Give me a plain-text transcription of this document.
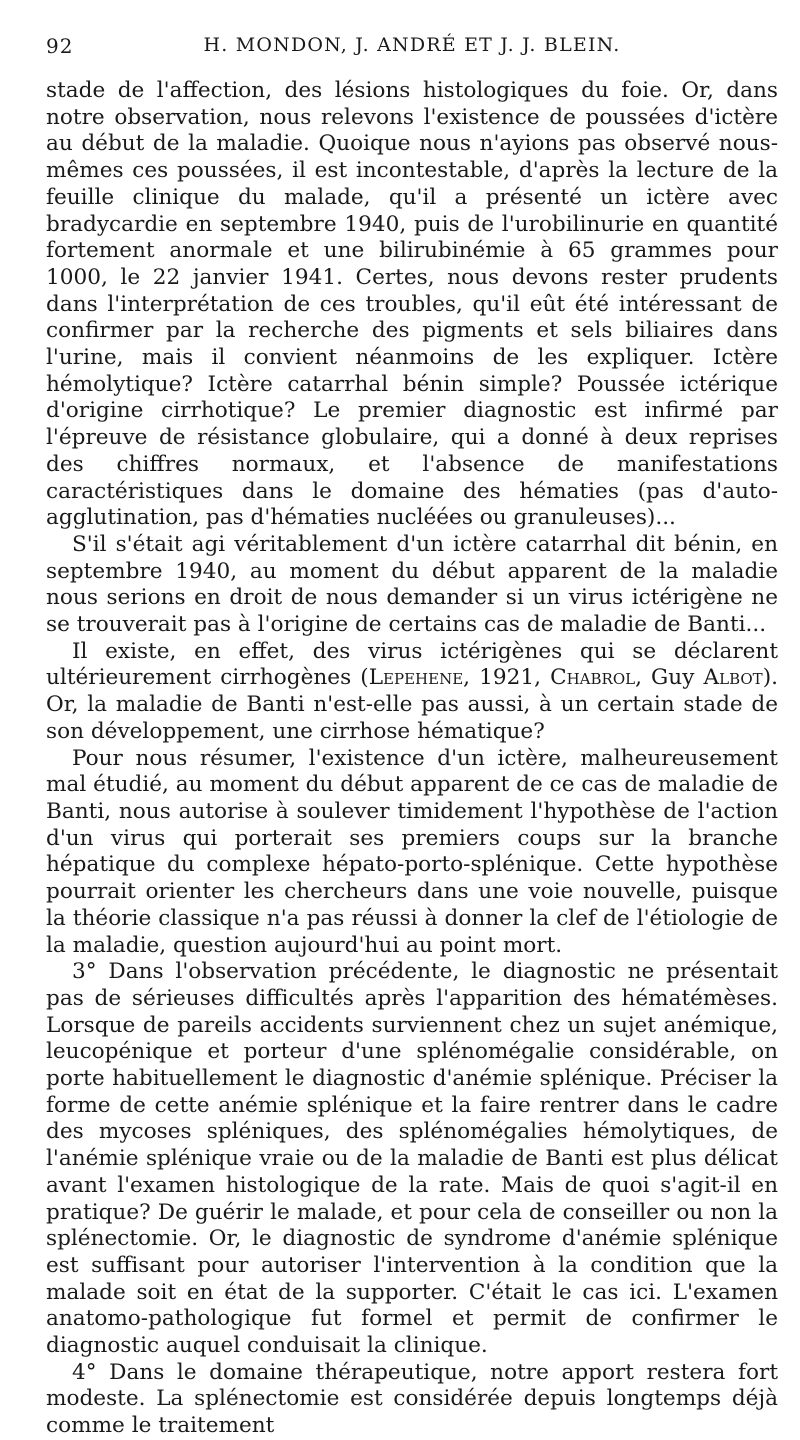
92	H. MONDON, J. ANDRÉ ET J. J. BLEIN.

stade de l'affection, des lésions histologiques du foie. Or, dans notre observation, nous relevons l'existence de poussées d'ictère au début de la maladie. Quoique nous n'ayions pas observé nous-mêmes ces poussées, il est incontestable, d'après la lecture de la feuille clinique du malade, qu'il a présenté un ictère avec bradycardie en septembre 1940, puis de l'urobilinurie en quantité fortement anormale et une bilirubinémie à 65 grammes pour 1000, le 22 janvier 1941. Certes, nous devons rester prudents dans l'interprétation de ces troubles, qu'il eût été intéressant de confirmer par la recherche des pigments et sels biliaires dans l'urine, mais il convient néanmoins de les expliquer. Ictère hémolytique? Ictère catarrhal bénin simple? Poussée ictérique d'origine cirrhotique? Le premier diagnostic est infirmé par l'épreuve de résistance globulaire, qui a donné à deux reprises des chiffres normaux, et l'absence de manifestations caractéristiques dans le domaine des hématies (pas d'auto-agglutination, pas d'hématies nucléées ou granuleuses)...

S'il s'était agi véritablement d'un ictère catarrhal dit bénin, en septembre 1940, au moment du début apparent de la maladie nous serions en droit de nous demander si un virus ictérigène ne se trouverait pas à l'origine de certains cas de maladie de Banti...

Il existe, en effet, des virus ictérigènes qui se déclarent ultérieurement cirrhogènes (Lepehene, 1921, Chabrol, Guy Albot). Or, la maladie de Banti n'est-elle pas aussi, à un certain stade de son développement, une cirrhose hématique?

Pour nous résumer, l'existence d'un ictère, malheureusement mal étudié, au moment du début apparent de ce cas de maladie de Banti, nous autorise à soulever timidement l'hypothèse de l'action d'un virus qui porterait ses premiers coups sur la branche hépatique du complexe hépato-porto-splénique. Cette hypothèse pourrait orienter les chercheurs dans une voie nouvelle, puisque la théorie classique n'a pas réussi à donner la clef de l'étiologie de la maladie, question aujourd'hui au point mort.

3° Dans l'observation précédente, le diagnostic ne présentait pas de sérieuses difficultés après l'apparition des hématémèses. Lorsque de pareils accidents surviennent chez un sujet anémique, leucopénique et porteur d'une splénomégalie considérable, on porte habituellement le diagnostic d'anémie splénique. Préciser la forme de cette anémie splénique et la faire rentrer dans le cadre des mycoses spléniques, des splénomégalies hémolytiques, de l'anémie splénique vraie ou de la maladie de Banti est plus délicat avant l'examen histologique de la rate. Mais de quoi s'agit-il en pratique? De guérir le malade, et pour cela de conseiller ou non la splénectomie. Or, le diagnostic de syndrome d'anémie splénique est suffisant pour autoriser l'intervention à la condition que la malade soit en état de la supporter. C'était le cas ici. L'examen anatomo-pathologique fut formel et permit de confirmer le diagnostic auquel conduisait la clinique.

4° Dans le domaine thérapeutique, notre apport restera fort modeste. La splénectomie est considérée depuis longtemps déjà comme le traitement
